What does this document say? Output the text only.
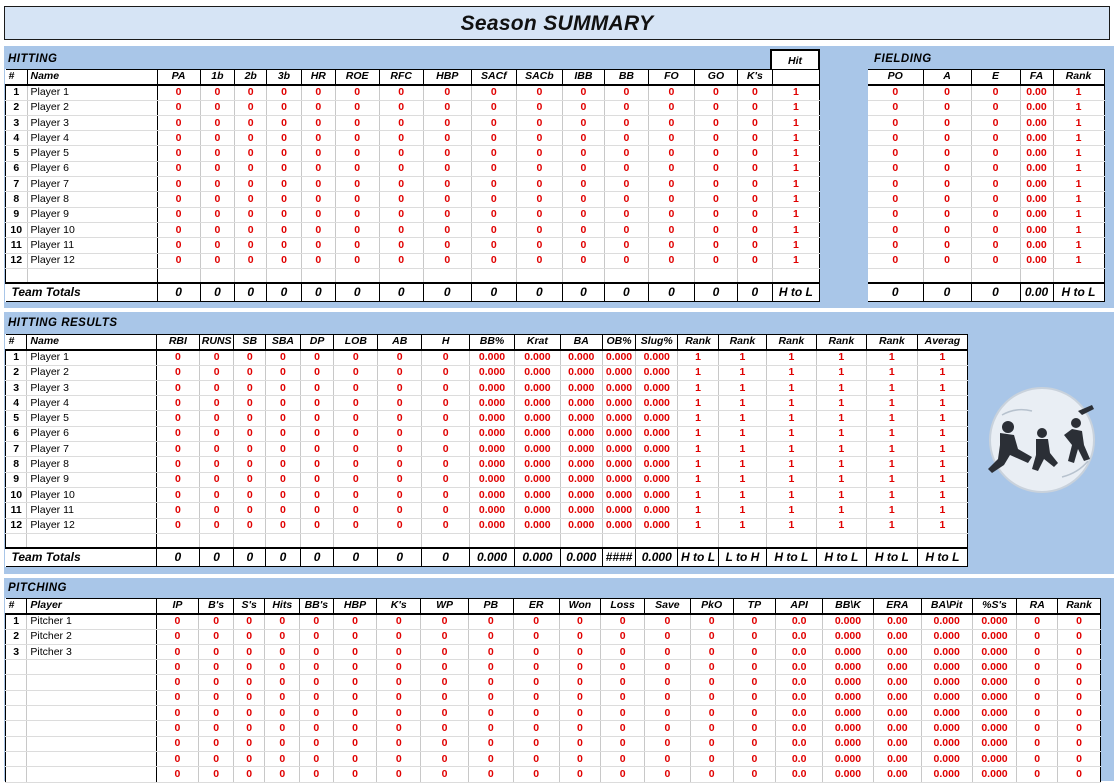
Season SUMMARY
HITTING	FIELDING
Hit
#	Name	PA	1b	2b	3b	HR	ROE	RFC	HBP	SACf	SACb	IBB	BB	FO	GO	K's	
1	Player 1	0	0	0	0	0	0	0	0	0	0	0	0	0	0	0	1
2	Player 2	0	0	0	0	0	0	0	0	0	0	0	0	0	0	0	1
3	Player 3	0	0	0	0	0	0	0	0	0	0	0	0	0	0	0	1
4	Player 4	0	0	0	0	0	0	0	0	0	0	0	0	0	0	0	1
5	Player 5	0	0	0	0	0	0	0	0	0	0	0	0	0	0	0	1
6	Player 6	0	0	0	0	0	0	0	0	0	0	0	0	0	0	0	1
7	Player 7	0	0	0	0	0	0	0	0	0	0	0	0	0	0	0	1
8	Player 8	0	0	0	0	0	0	0	0	0	0	0	0	0	0	0	1
9	Player 9	0	0	0	0	0	0	0	0	0	0	0	0	0	0	0	1
10	Player 10	0	0	0	0	0	0	0	0	0	0	0	0	0	0	0	1
11	Player 11	0	0	0	0	0	0	0	0	0	0	0	0	0	0	0	1
12	Player 12	0	0	0	0	0	0	0	0	0	0	0	0	0	0	0	1

Team Totals		0	0	0	0	0	0	0	0	0	0	0	0	0	0	0	H to L
PO	A	E	FA	Rank
0	0	0	0.00	1
0	0	0	0.00	1
0	0	0	0.00	1
0	0	0	0.00	1
0	0	0	0.00	1
0	0	0	0.00	1
0	0	0	0.00	1
0	0	0	0.00	1
0	0	0	0.00	1
0	0	0	0.00	1
0	0	0	0.00	1
0	0	0	0.00	1

0	0	0	0.00	H to L
HITTING RESULTS
#	Name	RBI	RUNS	SB	SBA	DP	LOB	AB	H	BB%	Krat	BA	OB%	Slug%	Rank	Rank	Rank	Rank	Rank	Averag
1	Player 1	0	0	0	0	0	0	0	0	0.000	0.000	0.000	0.000	0.000	1	1	1	1	1	1
2	Player 2	0	0	0	0	0	0	0	0	0.000	0.000	0.000	0.000	0.000	1	1	1	1	1	1
3	Player 3	0	0	0	0	0	0	0	0	0.000	0.000	0.000	0.000	0.000	1	1	1	1	1	1
4	Player 4	0	0	0	0	0	0	0	0	0.000	0.000	0.000	0.000	0.000	1	1	1	1	1	1
5	Player 5	0	0	0	0	0	0	0	0	0.000	0.000	0.000	0.000	0.000	1	1	1	1	1	1
6	Player 6	0	0	0	0	0	0	0	0	0.000	0.000	0.000	0.000	0.000	1	1	1	1	1	1
7	Player 7	0	0	0	0	0	0	0	0	0.000	0.000	0.000	0.000	0.000	1	1	1	1	1	1
8	Player 8	0	0	0	0	0	0	0	0	0.000	0.000	0.000	0.000	0.000	1	1	1	1	1	1
9	Player 9	0	0	0	0	0	0	0	0	0.000	0.000	0.000	0.000	0.000	1	1	1	1	1	1
10	Player 10	0	0	0	0	0	0	0	0	0.000	0.000	0.000	0.000	0.000	1	1	1	1	1	1
11	Player 11	0	0	0	0	0	0	0	0	0.000	0.000	0.000	0.000	0.000	1	1	1	1	1	1
12	Player 12	0	0	0	0	0	0	0	0	0.000	0.000	0.000	0.000	0.000	1	1	1	1	1	1

Team Totals		0	0	0	0	0	0	0	0	0.000	0.000	0.000	####	0.000	H to L	L to H	H to L	H to L	H to L	H to L
PITCHING
#	Player	IP	B's	S's	Hits	BB's	HBP	K's	WP	PB	ER	Won	Loss	Save	PkO	TP	API	BB\K	ERA	BA\Pit	%S's	RA	Rank
1	Pitcher 1	0	0	0	0	0	0	0	0	0	0	0	0	0	0	0	0.0	0.000	0.00	0.000	0.000	0	0
2	Pitcher 2	0	0	0	0	0	0	0	0	0	0	0	0	0	0	0	0.0	0.000	0.00	0.000	0.000	0	0
3	Pitcher 3	0	0	0	0	0	0	0	0	0	0	0	0	0	0	0	0.0	0.000	0.00	0.000	0.000	0	0
		0	0	0	0	0	0	0	0	0	0	0	0	0	0	0	0.0	0.000	0.00	0.000	0.000	0	0
		0	0	0	0	0	0	0	0	0	0	0	0	0	0	0	0.0	0.000	0.00	0.000	0.000	0	0
		0	0	0	0	0	0	0	0	0	0	0	0	0	0	0	0.0	0.000	0.00	0.000	0.000	0	0
		0	0	0	0	0	0	0	0	0	0	0	0	0	0	0	0.0	0.000	0.00	0.000	0.000	0	0
		0	0	0	0	0	0	0	0	0	0	0	0	0	0	0	0.0	0.000	0.00	0.000	0.000	0	0
		0	0	0	0	0	0	0	0	0	0	0	0	0	0	0	0.0	0.000	0.00	0.000	0.000	0	0
		0	0	0	0	0	0	0	0	0	0	0	0	0	0	0	0.0	0.000	0.00	0.000	0.000	0	0
		0	0	0	0	0	0	0	0	0	0	0	0	0	0	0	0.0	0.000	0.00	0.000	0.000	0	0
